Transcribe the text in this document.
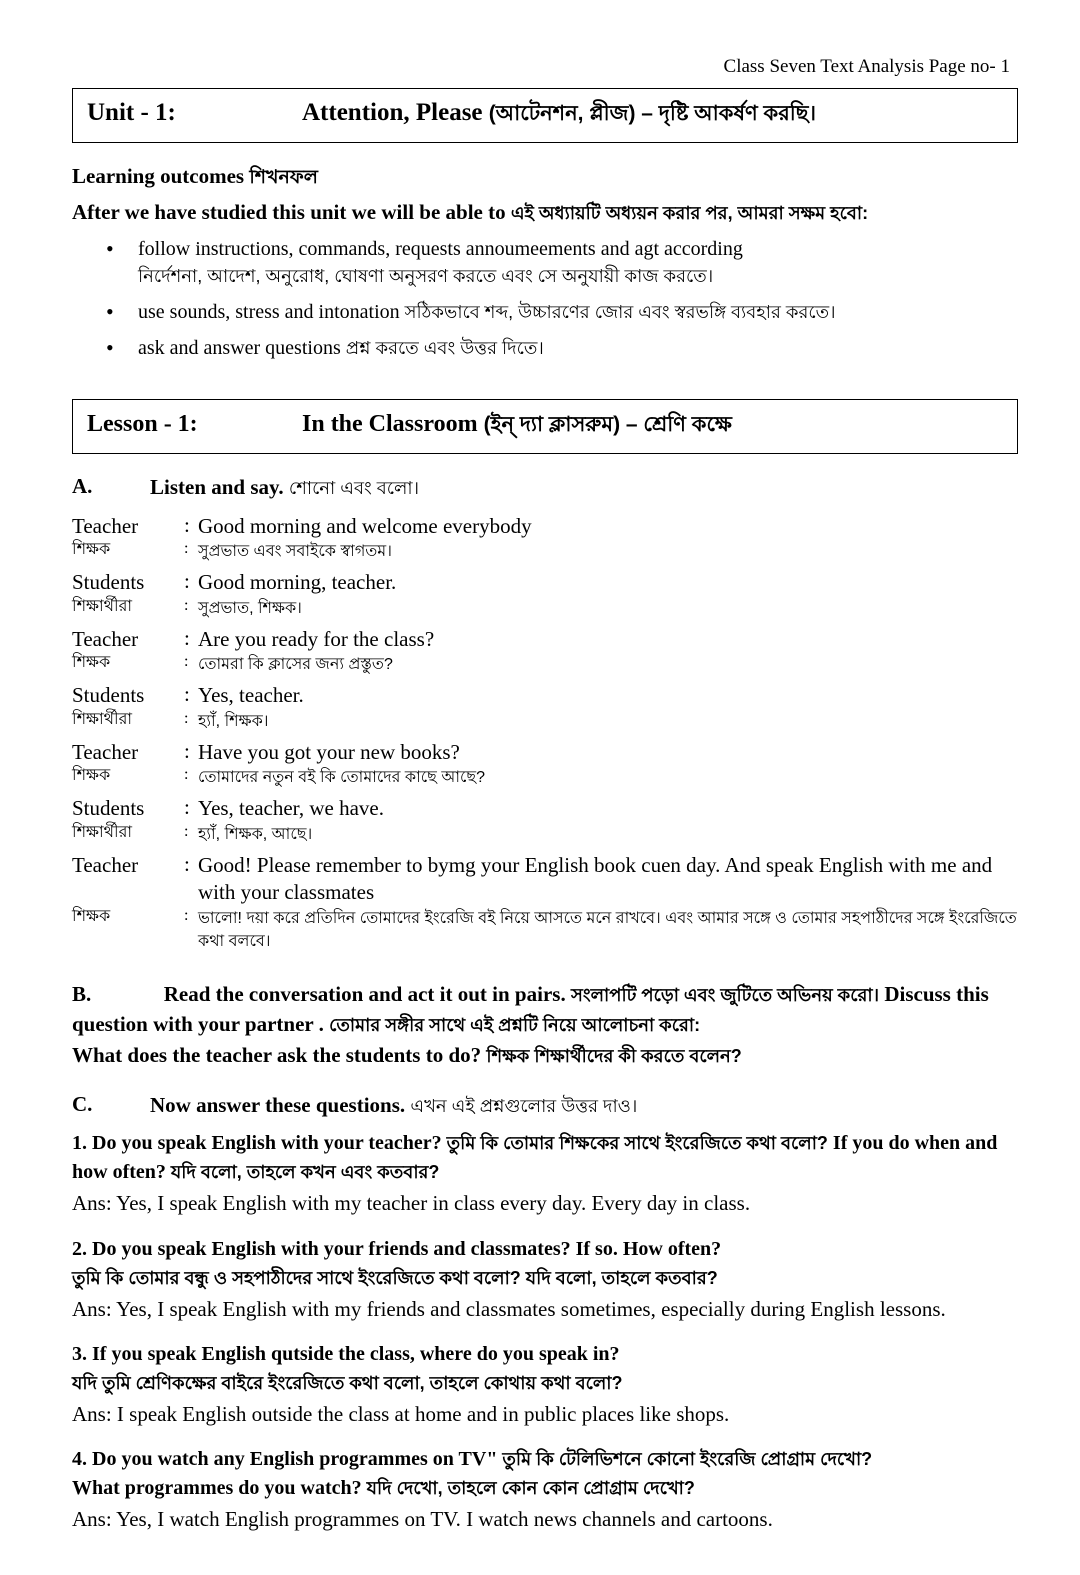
Class Seven Text Analysis Page no- 1
Unit - 1:	Attention, Please (আটেনশন, প্লীজ) – দৃষ্টি আকর্ষণ করছি।
Learning outcomes শিখনফল
After we have studied this unit we will be able to এই অধ্যায়টি অধ্যয়ন করার পর, আমরা সক্ষম হবো:
• follow instructions, commands, requests annoumeements and agt according
নির্দেশনা, আদেশ, অনুরোধ, ঘোষণা অনুসরণ করতে এবং সে অনুযায়ী কাজ করতে।
• use sounds, stress and intonation সঠিকভাবে শব্দ, উচ্চারণের জোর এবং স্বরভঙ্গি ব্যবহার করতে।
• ask and answer questions প্রশ্ন করতে এবং উত্তর দিতে।
Lesson - 1:	In the Classroom (ইন্ দ্যা ক্লাসরুম) – শ্রেণি কক্ষে
A.	Listen and say. শোনো এবং বলো।
Teacher	:	Good morning and welcome everybody
শিক্ষক	:	সুপ্রভাত এবং সবাইকে স্বাগতম।
Students	:	Good morning, teacher.
শিক্ষার্থীরা	:	সুপ্রভাত, শিক্ষক।
Teacher	:	Are you ready for the class?
শিক্ষক	:	তোমরা কি ক্লাসের জন্য প্রস্তুত?
Students	:	Yes, teacher.
শিক্ষার্থীরা	:	হ্যাঁ, শিক্ষক।
Teacher	:	Have you got your new books?
শিক্ষক	:	তোমাদের নতুন বই কি তোমাদের কাছে আছে?
Students	:	Yes, teacher, we have.
শিক্ষার্থীরা	:	হ্যাঁ, শিক্ষক, আছে।
Teacher	:	Good! Please remember to bymg your English book cuen day. And speak English with me and with your classmates
শিক্ষক	:	ভালো! দয়া করে প্রতিদিন তোমাদের ইংরেজি বই নিয়ে আসতে মনে রাখবে। এবং আমার সঙ্গে ও তোমার সহপাঠীদের সঙ্গে ইংরেজিতে কথা বলবে।
B.	Read the conversation and act it out in pairs. সংলাপটি পড়ো এবং জুটিতে অভিনয় করো। Discuss this question with your partner . তোমার সঙ্গীর সাথে এই প্রশ্নটি নিয়ে আলোচনা করো:
What does the teacher ask the students to do? শিক্ষক শিক্ষার্থীদের কী করতে বলেন?
C.	Now answer these questions. এখন এই প্রশ্নগুলোর উত্তর দাও।
1. Do you speak English with your teacher? তুমি কি তোমার শিক্ষকের সাথে ইংরেজিতে কথা বলো? If you do when and how often? যদি বলো, তাহলে কখন এবং কতবার?
Ans: Yes, I speak English with my teacher in class every day. Every day in class.
2. Do you speak English with your friends and classmates? If so. How often?
তুমি কি তোমার বন্ধু ও সহপাঠীদের সাথে ইংরেজিতে কথা বলো? যদি বলো, তাহলে কতবার?
Ans: Yes, I speak English with my friends and classmates sometimes, especially during English lessons.
3. If you speak English qutside the class, where do you speak in?
যদি তুমি শ্রেণিকক্ষের বাইরে ইংরেজিতে কথা বলো, তাহলে কোথায় কথা বলো?
Ans: I speak English outside the class at home and in public places like shops.
4. Do you watch any English programmes on TV" তুমি কি টেলিভিশনে কোনো ইংরেজি প্রোগ্রাম দেখো?
What programmes do you watch? যদি দেখো, তাহলে কোন কোন প্রোগ্রাম দেখো?
Ans: Yes, I watch English programmes on TV. I watch news channels and cartoons.
